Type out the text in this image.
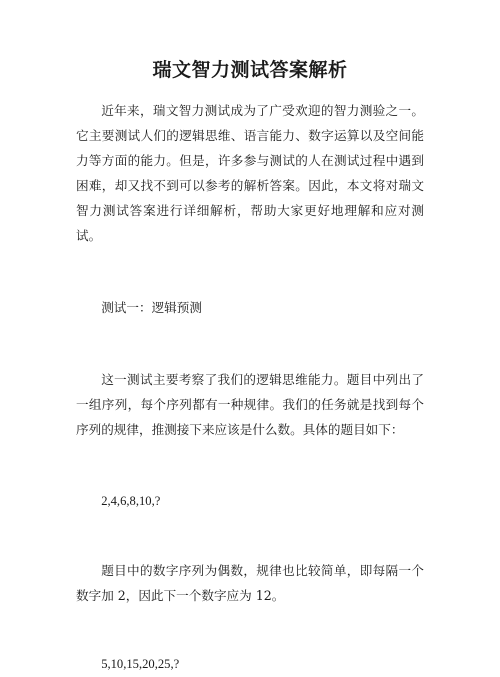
瑞文智力测试答案解析

近年来，瑞文智力测试成为了广受欢迎的智力测验之一。它主要测试人们的逻辑思维、语言能力、数字运算以及空间能力等方面的能力。但是，许多参与测试的人在测试过程中遇到困难，却又找不到可以参考的解析答案。因此，本文将对瑞文智力测试答案进行详细解析，帮助大家更好地理解和应对测试。

测试一：逻辑预测

这一测试主要考察了我们的逻辑思维能力。题目中列出了一组序列，每个序列都有一种规律。我们的任务就是找到每个序列的规律，推测接下来应该是什么数。具体的题目如下：

2,4,6,8,10,?

题目中的数字序列为偶数，规律也比较简单，即每隔一个数字加 2，因此下一个数字应为 12。

5,10,15,20,25,?
